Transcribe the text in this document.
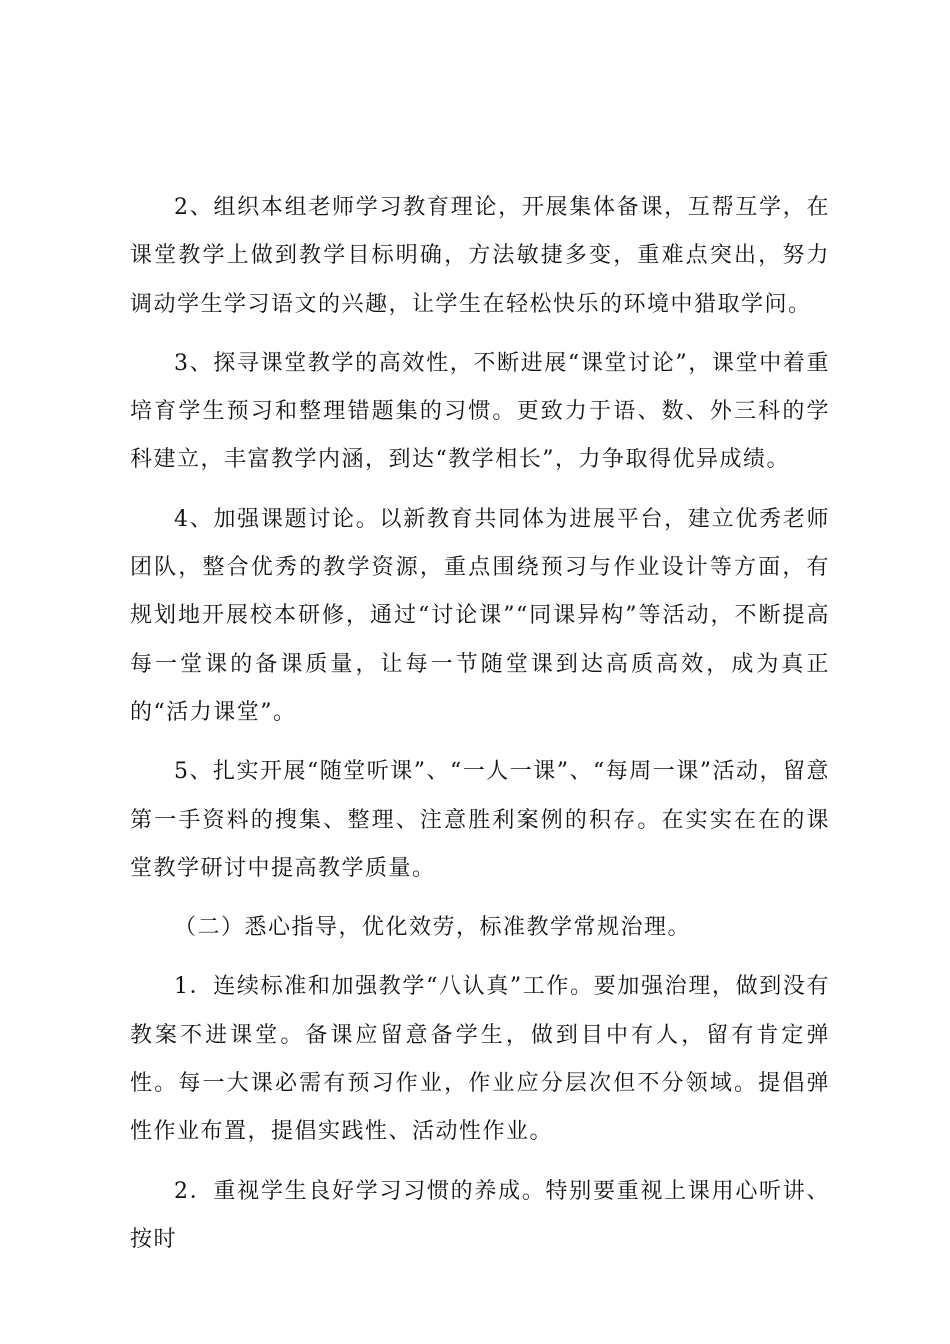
2、组织本组老师学习教育理论，开展集体备课，互帮互学，在课堂教学上做到教学目标明确，方法敏捷多变，重难点突出，努力调动学生学习语文的兴趣，让学生在轻松快乐的环境中猎取学问。

3、探寻课堂教学的高效性，不断进展“课堂讨论”，课堂中着重培育学生预习和整理错题集的习惯。更致力于语、数、外三科的学科建立，丰富教学内涵，到达“教学相长”，力争取得优异成绩。

4、加强课题讨论。以新教育共同体为进展平台，建立优秀老师团队，整合优秀的教学资源，重点围绕预习与作业设计等方面，有规划地开展校本研修，通过“讨论课”“同课异构”等活动，不断提高每一堂课的备课质量，让每一节随堂课到达高质高效，成为真正的“活力课堂”。

5、扎实开展“随堂听课”、“一人一课”、“每周一课”活动，留意第一手资料的搜集、整理、注意胜利案例的积存。在实实在在的课堂教学研讨中提高教学质量。

（二）悉心指导，优化效劳，标准教学常规治理。

1．连续标准和加强教学“八认真”工作。要加强治理，做到没有教案不进课堂。备课应留意备学生，做到目中有人，留有肯定弹性。每一大课必需有预习作业，作业应分层次但不分领域。提倡弹性作业布置，提倡实践性、活动性作业。

2．重视学生良好学习习惯的养成。特别要重视上课用心听讲、按时
